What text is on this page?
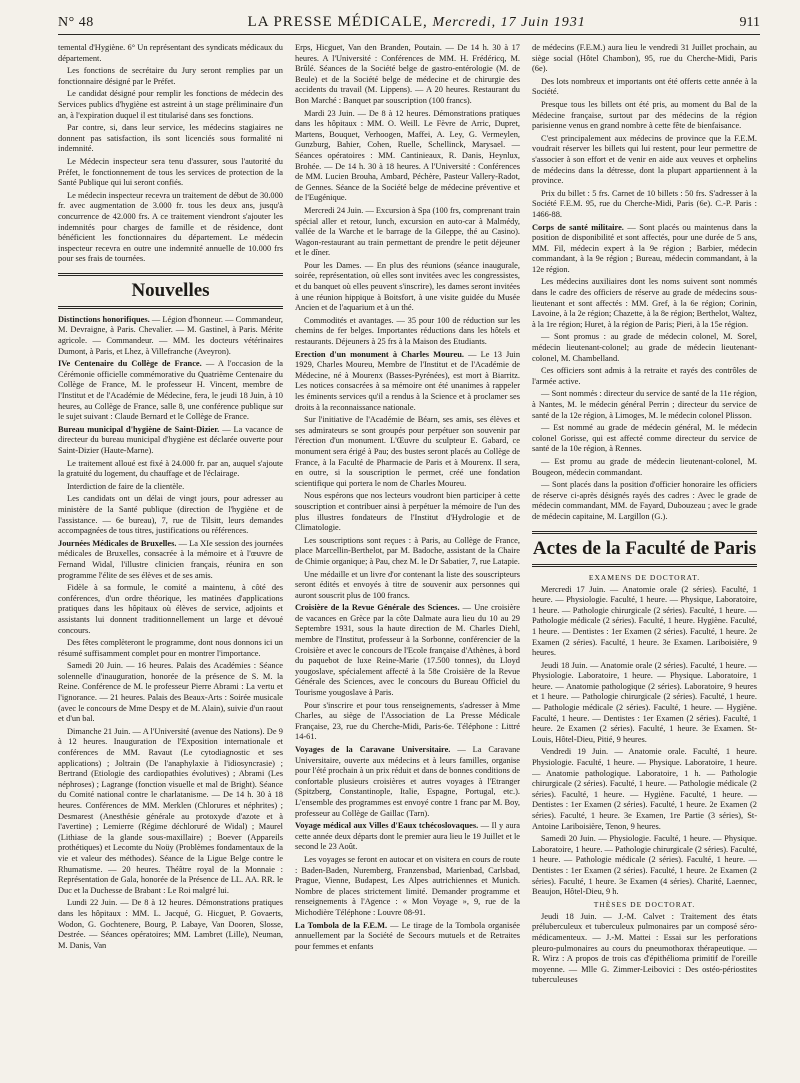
N° 48	LA PRESSE MÉDICALE, Mercredi, 17 Juin 1931	911

temental d'Hygiène. 6° Un représentant des syndicats médicaux du département.

Les fonctions de secrétaire du Jury seront remplies par un fonctionnaire désigné par le Préfet.

Le candidat désigné pour remplir les fonctions de médecin des Services publics d'hygiène est astreint à un stage préliminaire d'un an, à l'expiration duquel il est titularisé dans ses fonctions.

Par contre, si, dans leur service, les médecins stagiaires ne donnent pas satisfaction, ils sont licenciés sous formalité ni indemnité.

Le Médecin inspecteur sera tenu d'assurer, sous l'autorité du Préfet, le fonctionnement de tous les services de protection de la Santé Publique qui lui seront confiés.

Le médecin inspecteur recevra un traitement de début de 30.000 fr. avec augmentation de 3.000 fr. tous les deux ans, jusqu'à concurrence de 42.000 frs. A ce traitement viendront s'ajouter les indemnités pour charges de famille et de résidence, dont bénéficient les fonctionnaires du département. Le médecin inspecteur recevra en outre une indemnité annuelle de 10.000 frs pour ses frais de tournées.

Nouvelles

Distinctions honorifiques. — Légion d'honneur. — Commandeur, M. Devraigne, à Paris. Chevalier. — M. Gastinel, à Paris. Mérite agricole. — Commandeur. — MM. les docteurs vétérinaires Dumont, à Paris, et Lhez, à Villefranche (Aveyron).

IVe Centenaire du Collège de France. — A l'occasion de la Cérémonie officielle commémorative du Quatrième Centenaire du Collège de France, M. le professeur H. Vincent, membre de l'Institut et de l'Académie de Médecine, fera, le jeudi 18 Juin, à 10 heures, au Collège de France, salle 8, une conférence publique sur le sujet suivant : Claude Bernard et le Collège de France.

Bureau municipal d'hygiène de Saint-Dizier. — La vacance de directeur du bureau municipal d'hygiène est déclarée ouverte pour Saint-Dizier (Haute-Marne).

Le traitement alloué est fixé à 24.000 fr. par an, auquel s'ajoute la gratuité du logement, du chauffage et de l'éclairage.

Interdiction de faire de la clientèle.

Les candidats ont un délai de vingt jours, pour adresser au ministère de la Santé publique (direction de l'hygiène et de l'assistance. — 6e bureau), 7, rue de Tilsitt, leurs demandes accompagnées de tous titres, justifications ou références.

Journées Médicales de Bruxelles. — La XIe session des journées médicales de Bruxelles, consacrée à la mémoire et à l'œuvre de Fernand Widal, l'illustre clinicien français, réunira en son programme l'élite de ses élèves et de ses amis.

Fidèle à sa formule, le comité a maintenu, à côté des conférences, d'un ordre théorique, les matinées d'applications pratiques dans les hôpitaux où élèves de service, adjoints et assistants lui donnent traditionnellement un large et dévoué concours.

Des fêtes complèteront le programme, dont nous donnons ici un résumé suffisamment complet pour en montrer l'importance.

Samedi 20 Juin. — 16 heures. Palais des Académies : Séance solennelle d'inauguration, honorée de la présence de S. M. la Reine. Conférence de M. le professeur Pierre Abrami : La vertu et l'ignorance. — 21 heures. Palais des Beaux-Arts : Soirée musicale (avec le concours de Mme Despy et de M. Alain), suivie d'un raout et d'un bal.

Dimanche 21 Juin. — A l'Université (avenue des Nations). De 9 à 12 heures. Inauguration de l'Exposition internationale et conférences de MM. Ravaut (Le cytodiagnostic et ses applications) ; Joltrain (De l'anaphylaxie à l'idiosyncrasie) ; Bertrand (Etiologie des cardiopathies évolutives) ; Abrami (Les néphroses) ; Lagrange (fonction visuelle et mal de Bright). Séance du Comité national contre le charlatanisme. — De 14 h. 30 à 18 heures. Conférences de MM. Merklen (Chlorures et néphrites) ; Desmarest (Anesthésie générale au protoxyde d'azote et à l'avertine) ; Lemierre (Régime déchloruré de Widal) ; Maurel (Lithiase de la glande sous-maxillaire) ; Boever (Appareils prothétiques) et Lecomte du Noüy (Problèmes fondamentaux de la vie et valeur des méthodes). Séance de la Ligue Belge contre le Rhumatisme. — 20 heures. Théâtre royal de la Monnaie : Représentation de Gala, honorée de la Présence de LL. AA. RR. le Duc et la Duchesse de Brabant : Le Roi malgré lui.

Lundi 22 Juin. — De 8 à 12 heures. Démonstrations pratiques dans les hôpitaux : MM. L. Jacqué, G. Hicguet, P. Govaerts, Wodon, G. Gochtenere, Bourg, P. Labaye, Van Dooren, Slosse, Destrée. — Séances opératoires; MM. Lambret (Lille), Neuman, M. Danis, Van

Erps, Hicguet, Van den Branden, Poutain. — De 14 h. 30 à 17 heures. A l'Université : Conférences de MM. H. Frédéricq, M. Brûlé. Séances de la Société belge de gastro-entérologie (M. de Beule) et de la Société belge de médecine et de chirurgie des accidents du travail (M. Lippens). — A 20 heures. Restaurant du Bon Marché : Banquet par souscription (100 francs).

Mardi 23 Juin. — De 8 à 12 heures. Démonstrations pratiques dans les hôpitaux : MM. O. Weill. Le Fèvre de Arric, Dupret, Martens, Bouquet, Verhoogen, Maffei, A. Ley, G. Vermeylen, Gunzburg, Bahier, Cohen, Ruelle, Schellinck, Marysael. — Séances opératoires : MM. Cantinieaux, R. Danis, Heynlux, Brohée. — De 14 h. 30 à 18 heures. A l'Université : Conférences de MM. Lucien Brouha, Ambard, Péchère, Pasteur Vallery-Radot, de Gennes. Séance de la Société belge de médecine préventive et de l'Eugénique.

Mercredi 24 Juin. — Excursion à Spa (100 frs, comprenant train spécial aller et retour, lunch, excursion en auto-car à Malmédy, vallée de la Warche et le barrage de la Gileppe, thé au Casino). Wagon-restaurant au train permettant de prendre le petit déjeuner et le dîner.

Pour les Dames. — En plus des réunions (séance inaugurale, soirée, représentation, où elles sont invitées avec les congressistes, et du banquet où elles peuvent s'inscrire), les dames seront invitées à une réunion hippique à Boitsfort, à une visite guidée du Musée Ancien et de l'aquarium et à un thé.

Commodités et avantages. — 35 pour 100 de réduction sur les chemins de fer belges. Importantes réductions dans les hôtels et restaurants. Déjeuners à 25 frs à la Maison des Etudiants.

Erection d'un monument à Charles Moureu. — Le 13 Juin 1929, Charles Moureu, Membre de l'Institut et de l'Académie de Médecine, né à Mourenx (Basses-Pyrénées), est mort à Biarritz. Les notices consacrées à sa mémoire ont été unanimes à rappeler les éminents services qu'il a rendus à la Science et à proclamer ses droits à la reconnaissance nationale.

Sur l'initiative de l'Académie de Béarn, ses amis, ses élèves et ses admirateurs se sont groupés pour perpétuer son souvenir par l'érection d'un monument. L'Œuvre du sculpteur E. Gabard, ce monument sera érigé à Pau; des bustes seront placés au Collège de France, à la Faculté de Pharmacie de Paris et à Mourenx. Il sera, en outre, si la souscription le permet, créé une fondation scientifique qui portera le nom de Charles Moureu.

Nous espérons que nos lecteurs voudront bien participer à cette souscription et contribuer ainsi à perpétuer la mémoire de l'un des plus illustres fondateurs de l'Institut d'Hydrologie et de Climatologie.

Les souscriptions sont reçues : à Paris, au Collège de France, place Marcellin-Berthelot, par M. Badoche, assistant de la Chaire de Chimie organique; à Pau, chez M. le Dr Sabatier, 7, rue Latapie.

Une médaille et un livre d'or contenant la liste des souscripteurs seront édités et envoyés à titre de souvenir aux personnes qui auront souscrit plus de 100 francs.

Croisière de la Revue Générale des Sciences. — Une croisière de vacances en Grèce par la côte Dalmate aura lieu du 10 au 29 Septembre 1931, sous la haute direction de M. Charles Diehl, membre de l'Institut, professeur à la Sorbonne, conférencier de la Croisière et avec le concours de l'Ecole française d'Athènes, à bord du paquebot de luxe Reine-Marie (17.500 tonnes), du Lloyd yougoslave, spécialement affecté à la 58e Croisière de la Revue Générale des Sciences, avec le concours du Bureau Officiel du Tourisme yougoslave à Paris.

Pour s'inscrire et pour tous renseignements, s'adresser à Mme Charles, au siège de l'Association de La Presse Médicale Française, 23, rue du Cherche-Midi, Paris-6e. Téléphone : Littré 14-61.

Voyages de la Caravane Universitaire. — La Caravane Universitaire, ouverte aux médecins et à leurs familles, organise pour l'été prochain à un prix réduit et dans de bonnes conditions de confortable plusieurs croisières et autres voyages à l'Etranger (Spitzberg, Constantinople, Italie, Espagne, Portugal, etc.). L'ensemble des programmes est envoyé contre 1 franc par M. Boy, professeur au Collège de Gaillac (Tarn).

Voyage médical aux Villes d'Eaux tchécoslovaques. — Il y aura cette année deux départs dont le premier aura lieu le 19 Juillet et le second le 23 Août.

Les voyages se feront en autocar et on visitera en cours de route : Baden-Baden, Nuremberg, Franzensbad, Marienbad, Carlsbad, Prague, Vienne, Budapest, Les Alpes autrichiennes et Munich. Nombre de places strictement limité. Demander programme et renseignements à l'Agence : « Mon Voyage », 9, rue de la Michodière Téléphone : Louvre 08-91.

La Tombola de la F.E.M. — Le tirage de la Tombola organisée annuellement par la Société de Secours mutuels et de Retraites pour femmes et enfants

de médecins (F.E.M.) aura lieu le vendredi 31 Juillet prochain, au siège social (Hôtel Chambon), 95, rue du Cherche-Midi, Paris (6e).

Des lots nombreux et importants ont été offerts cette année à la Société.

Presque tous les billets ont été pris, au moment du Bal de la Médecine française, surtout par des médecins de la région parisienne venus en grand nombre à cette fête de bienfaisance.

C'est principalement aux médecins de province que la F.E.M. voudrait réserver les billets qui lui restent, pour leur permettre de s'associer à son effort et de venir en aide aux veuves et orphelins de médecins dans la détresse, dont la plupart appartiennent à la province.

Prix du billet : 5 frs. Carnet de 10 billets : 50 frs. S'adresser à la Société F.E.M. 95, rue du Cherche-Midi, Paris (6e). C.-P. Paris : 1466-88.

Corps de santé militaire. — Sont placés ou maintenus dans la position de disponibilité et sont affectés, pour une durée de 5 ans, MM. Fil, médecin expert à la 9e région ; Barbier, médecin commandant, à la 9e région ; Bureau, médecin commandant, à la 12e région.

Les médecins auxiliaires dont les noms suivent sont nommés dans le cadre des officiers de réserve au grade de médecins sous-lieutenant et sont affectés : MM. Gref, à la 6e région; Corinin, Lavoine, à la 2e région; Chazette, à la 8e région; Berthelot, Waltez, à la 1re région; Huret, à la région de Paris; Pieri, à la 15e région.

— Sont promus : au grade de médecin colonel, M. Sorel, médecin lieutenant-colonel; au grade de médecin lieutenant-colonel, M. Chambelland.

Ces officiers sont admis à la retraite et rayés des contrôles de l'armée active.

— Sont nommés : directeur du service de santé de la 11e région, à Nantes, M. le médecin général Perrin ; directeur du service de santé de la 12e région, à Limoges, M. le médecin colonel Plisson.

— Est nommé au grade de médecin général, M. le médecin colonel Gorisse, qui est affecté comme directeur du service de santé de la 10e région, à Rennes.

— Est promu au grade de médecin lieutenant-colonel, M. Bougeon, médecin commandant.

— Sont placés dans la position d'officier honoraire les officiers de réserve ci-après désignés rayés des cadres : Avec le grade de médecin commandant, MM. de Fayard, Dubouzeau ; avec le grade de médecin capitaine, M. Largillon (G.).

Actes de la Faculté de Paris
EXAMENS DE DOCTORAT.

Mercredi 17 Juin. — Anatomie orale (2 séries). Faculté, 1 heure. — Physiologie. Faculté, 1 heure. — Physique, Laboratoire, 1 heure. — Pathologie chirurgicale (2 séries). Faculté, 1 heure. — Pathologie médicale (2 séries). Faculté, 1 heure. Hygiène. Faculté, 1 heure. — Dentistes : 1er Examen (2 séries). Faculté, 1 heure. 2e Examen (2 séries). Faculté, 1 heure. 3e Examen. Lariboisière, 9 heures.

Jeudi 18 Juin. — Anatomie orale (2 séries). Faculté, 1 heure. — Physiologie. Laboratoire, 1 heure. — Physique. Laboratoire, 1 heure. — Anatomie pathologique (2 séries). Laboratoire, 9 heures et 1 heure. — Pathologie chirurgicale (2 séries). Faculté, 1 heure. — Pathologie médicale (2 séries). Faculté, 1 heure. — Hygiène. Faculté, 1 heure. — Dentistes : 1er Examen (2 séries). Faculté, 1 heure. 2e Examen (2 séries). Faculté, 1 heure. 3e Examen. St-Louis, Hôtel-Dieu, Pitié, 9 heures.

Vendredi 19 Juin. — Anatomie orale. Faculté, 1 heure. Physiologie. Faculté, 1 heure. — Physique. Laboratoire, 1 heure. — Anatomie pathologique. Laboratoire, 1 h. — Pathologie chirurgicale (2 séries). Faculté, 1 heure. — Pathologie médicale (2 séries). Faculté, 1 heure. — Hygiène. Faculté, 1 heure. — Dentistes : 1er Examen (2 séries). Faculté, 1 heure. 2e Examen (2 séries). Faculté, 1 heure. 3e Examen, 1re Partie (3 séries), St-Antoine Lariboisière, Tenon, 9 heures.

Samedi 20 Juin. — Physiologie. Faculté, 1 heure. — Physique. Laboratoire, 1 heure. — Pathologie chirurgicale (2 séries). Faculté, 1 heure. — Pathologie médicale (2 séries). Faculté, 1 heure. — Dentistes : 1er Examen (2 séries). Faculté, 1 heure. 2e Examen (2 séries). Faculté, 1 heure. 3e Examen (4 séries). Charité, Laennec, Beaujon, Hôtel-Dieu, 9 h.

THÈSES DE DOCTORAT.

Jeudi 18 Juin. — J.-M. Calvet : Traitement des états préluberculeux et tuberculeux pulmonaires par un composé séro-médicamenteux. — J.-M. Mattei : Essai sur les perforations pleuro-pulmonaires au cours du pneumothorax thérapeutique. — R. Wirz : A propos de trois cas d'épithélioma primitif de l'oreille moyenne. — Mlle G. Zimmer-Leibovici : Des ostéo-périostites tuberculeuses
